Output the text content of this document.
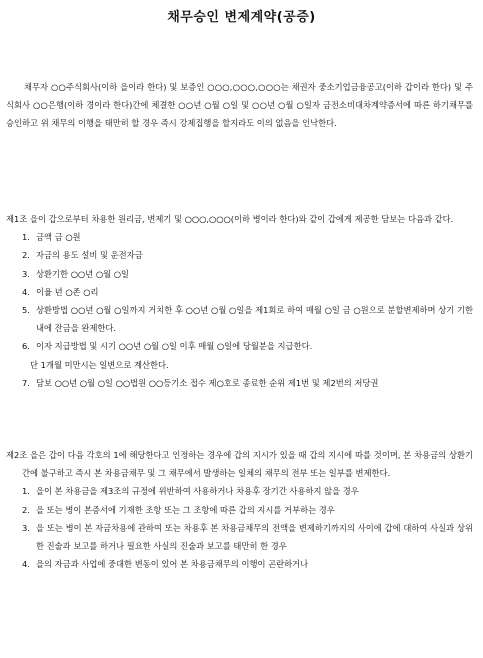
채무승인 변제계약(공증)

채무자 ○○주식회사(이하 을이라 한다) 및 보증인 ○○○,○○○,○○○는 채권자 중소기업금융공고(이하 갑이라 한다) 및 주식회사 ○○은행(이하 경이라 한다)간에 체결한 ○○년 ○월 ○일 및 ○○년 ○월 ○일자 금전소비대차계약증서에 따른 하기채무를 승인하고 위 채무의 이행을 태만히 할 경우 즉시 강제집행을 할지라도 이의 없음을 인낙한다.

제1조 을이 갑으로부터 차용한 원리금, 변제기 및 ○○○,○○○(이하 병이라 한다)와 같이 갑에게 제공한 담보는 다음과 같다.
1. 금액 금 ○원
2. 자금의 용도 설비 및 운전자금
3. 상환기한 ○○년 ○월 ○일
4. 이율 년 ○존 ○리
5. 상환방법 ○○년 ○월 ○일까지 거치한 후 ○○년 ○월 ○일을 제1회로 하여 매월 ○일 금 ○원으로 분할변제하며 상기 기한내에 잔금을 완제한다.
6. 이자 지급방법 및 시기 ○○년 ○월 ○일 이후 매월 ○일에 당월분을 지급한다.
단 1개월 미만시는 일변으로 계산한다.
7. 담보 ○○년 ○월 ○일 ○○법원 ○○등기소 접수 제○호로 종료한 순위 제1번 및 제2번의 저당권
제2조 을은 갑이 다음 각호의 1에 해당한다고 인정하는 경우에 갑의 지시가 있을 때 갑의 지시에 따를 것이며, 본 차용금의 상환기간에 불구하고 즉시 본 차용금채무 및 그 채무에서 발생하는 일체의 채무의 전부 또는 일부를 변제한다.
1. 을이 본 차용금을 제3조의 규정에 위반하여 사용하거나 차용후 장기간 사용하지 않을 경우
2. 을 또는 병이 본증서에 기재한 조항 또는 그 조항에 따른 갑의 지시를 거부하는 경우
3. 을 또는 병이 본 자금차용에 관하여 또는 차용후 본 차용금채무의 전액을 변제하기까지의 사이에 갑에 대하여 사실과 상위한 진술과 보고를 하거나 필요한 사실의 진술과 보고를 태만히 한 경우
4. 을의 자금과 사업에 중대한 변동이 있어 본 차용금채무의 이행이 곤란하거나
